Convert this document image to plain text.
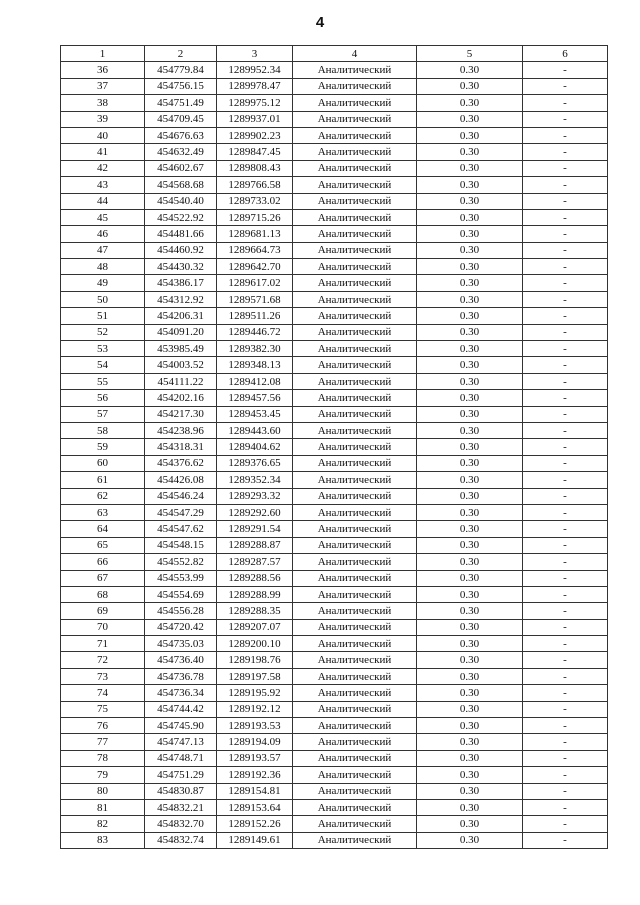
4
1	2	3	4	5	6
36	454779.84	1289952.34	Аналитический	0.30	-
37	454756.15	1289978.47	Аналитический	0.30	-
38	454751.49	1289975.12	Аналитический	0.30	-
39	454709.45	1289937.01	Аналитический	0.30	-
40	454676.63	1289902.23	Аналитический	0.30	-
41	454632.49	1289847.45	Аналитический	0.30	-
42	454602.67	1289808.43	Аналитический	0.30	-
43	454568.68	1289766.58	Аналитический	0.30	-
44	454540.40	1289733.02	Аналитический	0.30	-
45	454522.92	1289715.26	Аналитический	0.30	-
46	454481.66	1289681.13	Аналитический	0.30	-
47	454460.92	1289664.73	Аналитический	0.30	-
48	454430.32	1289642.70	Аналитический	0.30	-
49	454386.17	1289617.02	Аналитический	0.30	-
50	454312.92	1289571.68	Аналитический	0.30	-
51	454206.31	1289511.26	Аналитический	0.30	-
52	454091.20	1289446.72	Аналитический	0.30	-
53	453985.49	1289382.30	Аналитический	0.30	-
54	454003.52	1289348.13	Аналитический	0.30	-
55	454111.22	1289412.08	Аналитический	0.30	-
56	454202.16	1289457.56	Аналитический	0.30	-
57	454217.30	1289453.45	Аналитический	0.30	-
58	454238.96	1289443.60	Аналитический	0.30	-
59	454318.31	1289404.62	Аналитический	0.30	-
60	454376.62	1289376.65	Аналитический	0.30	-
61	454426.08	1289352.34	Аналитический	0.30	-
62	454546.24	1289293.32	Аналитический	0.30	-
63	454547.29	1289292.60	Аналитический	0.30	-
64	454547.62	1289291.54	Аналитический	0.30	-
65	454548.15	1289288.87	Аналитический	0.30	-
66	454552.82	1289287.57	Аналитический	0.30	-
67	454553.99	1289288.56	Аналитический	0.30	-
68	454554.69	1289288.99	Аналитический	0.30	-
69	454556.28	1289288.35	Аналитический	0.30	-
70	454720.42	1289207.07	Аналитический	0.30	-
71	454735.03	1289200.10	Аналитический	0.30	-
72	454736.40	1289198.76	Аналитический	0.30	-
73	454736.78	1289197.58	Аналитический	0.30	-
74	454736.34	1289195.92	Аналитический	0.30	-
75	454744.42	1289192.12	Аналитический	0.30	-
76	454745.90	1289193.53	Аналитический	0.30	-
77	454747.13	1289194.09	Аналитический	0.30	-
78	454748.71	1289193.57	Аналитический	0.30	-
79	454751.29	1289192.36	Аналитический	0.30	-
80	454830.87	1289154.81	Аналитический	0.30	-
81	454832.21	1289153.64	Аналитический	0.30	-
82	454832.70	1289152.26	Аналитический	0.30	-
83	454832.74	1289149.61	Аналитический	0.30	-
